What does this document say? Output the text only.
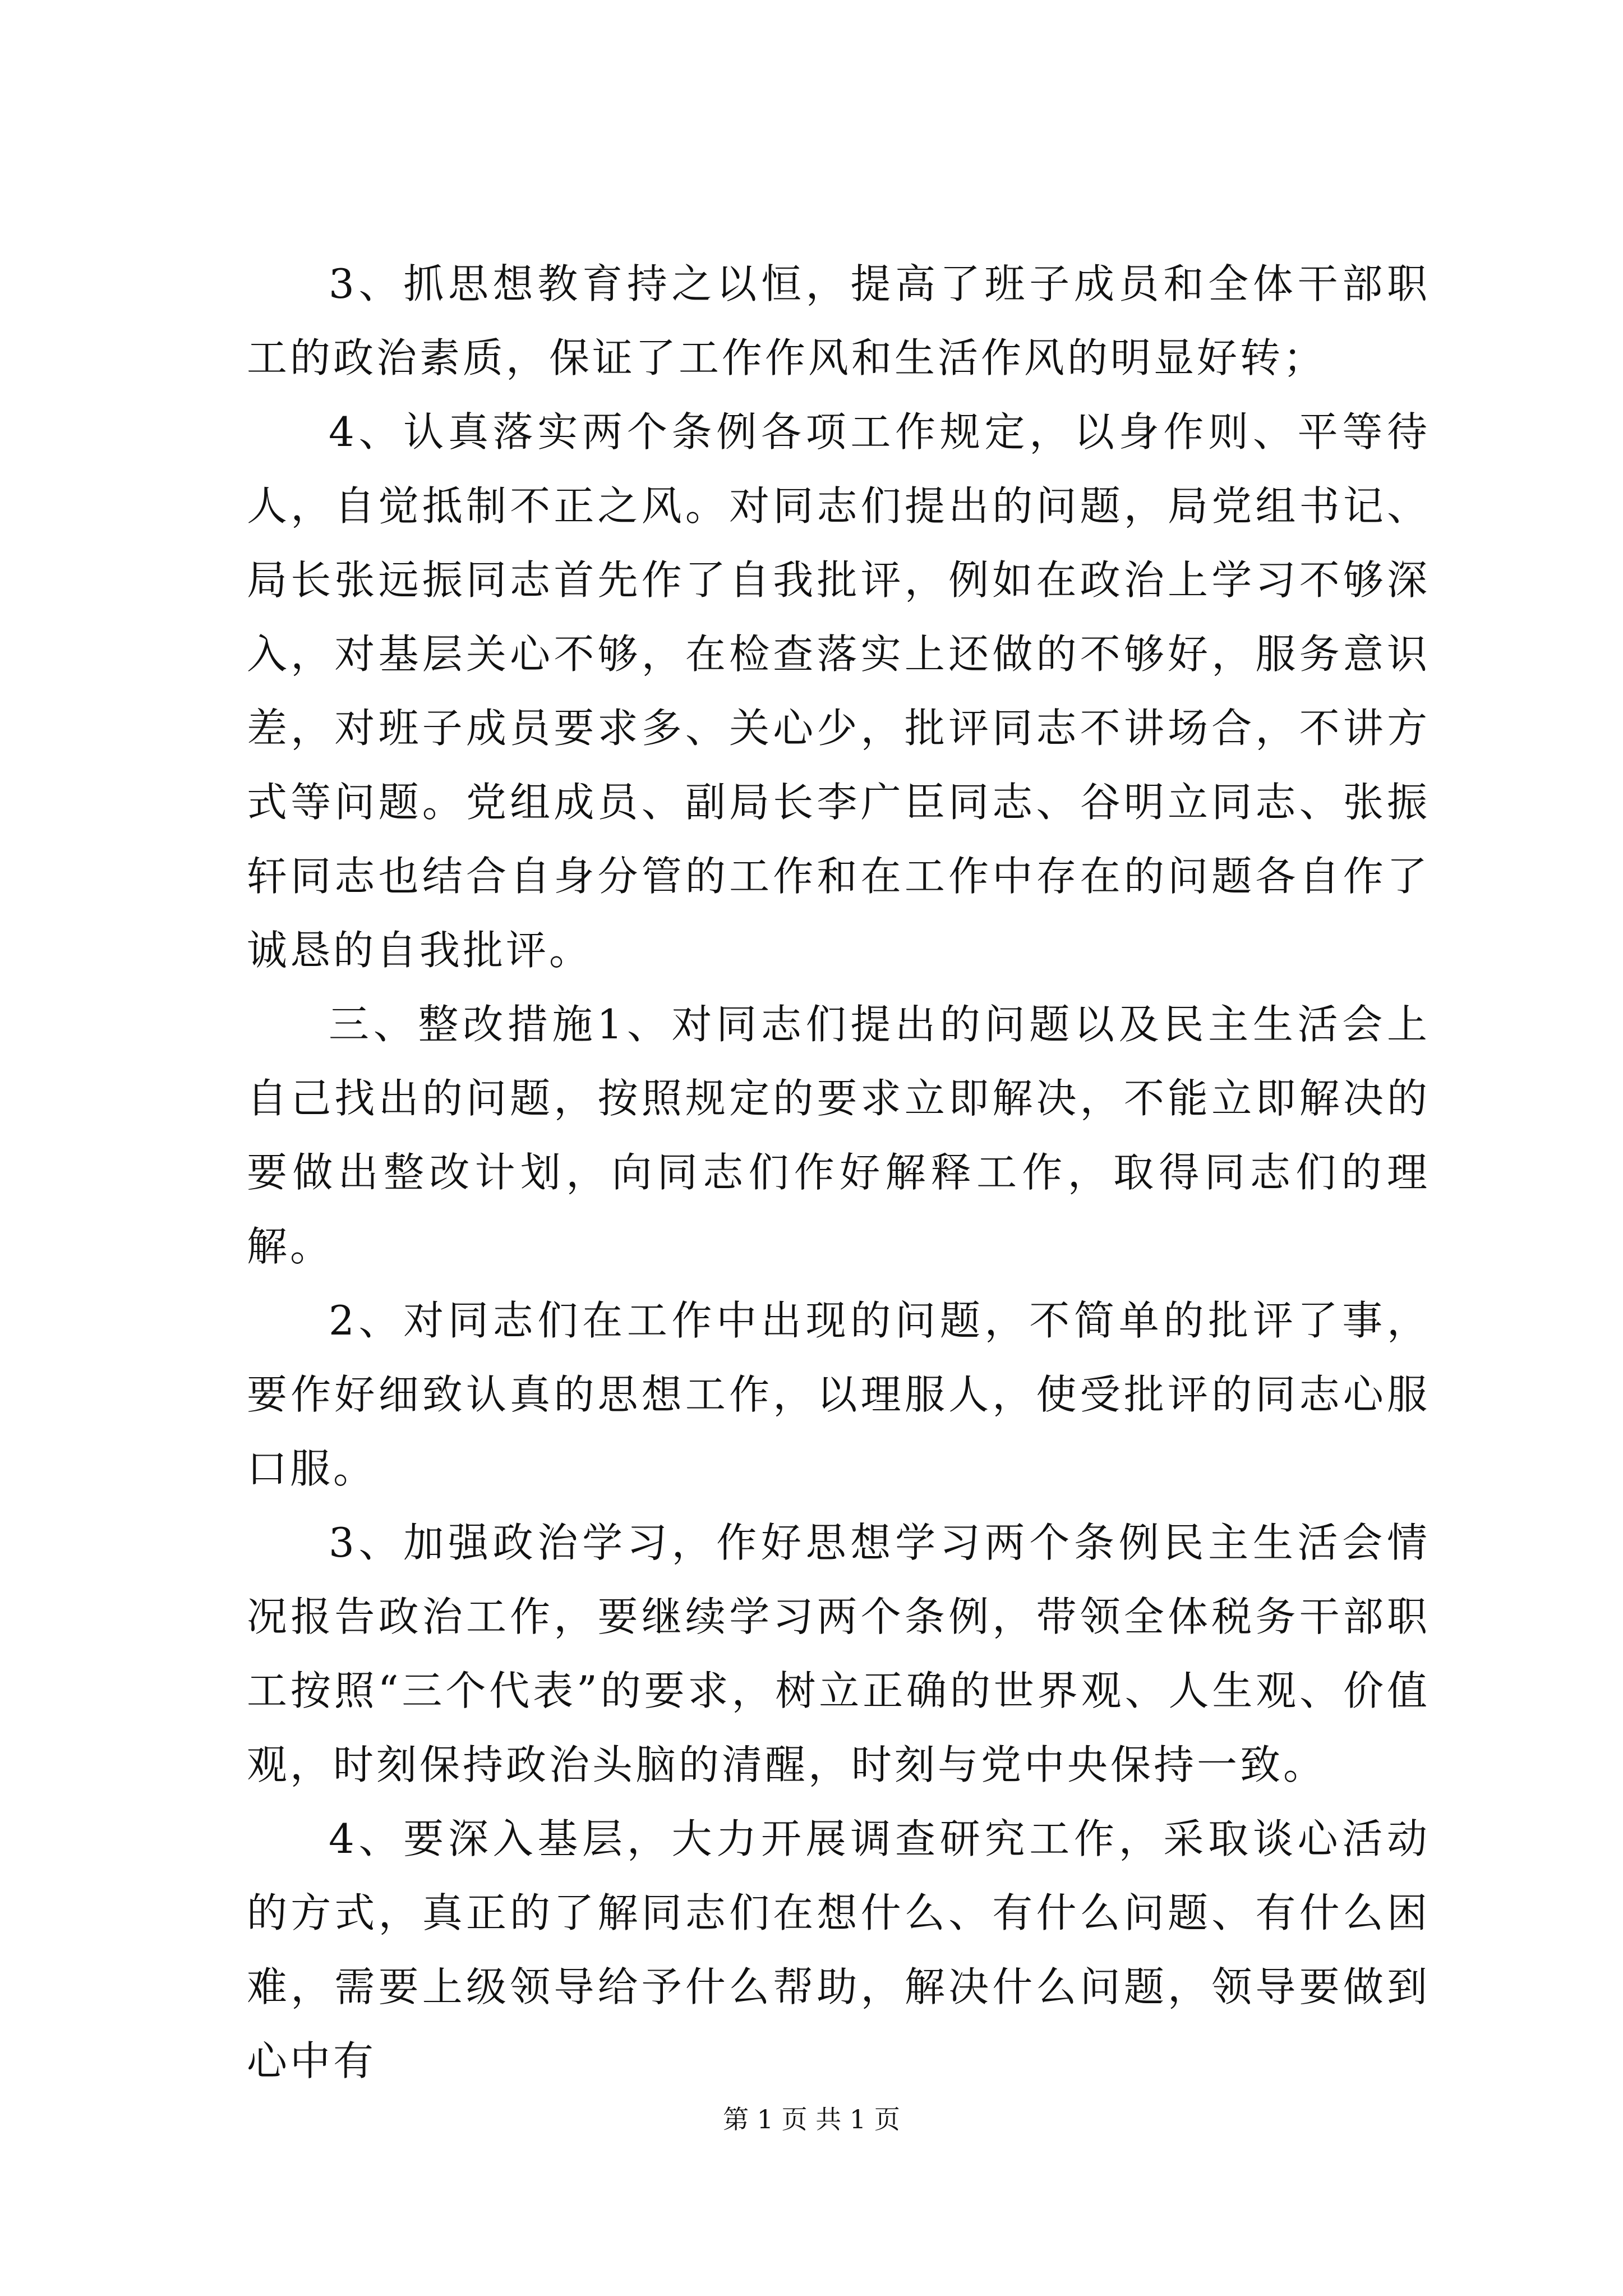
3、抓思想教育持之以恒，提高了班子成员和全体干部职工的政治素质，保证了工作作风和生活作风的明显好转；

4、认真落实两个条例各项工作规定，以身作则、平等待人，自觉抵制不正之风。对同志们提出的问题，局党组书记、局长张远振同志首先作了自我批评，例如在政治上学习不够深入，对基层关心不够，在检查落实上还做的不够好，服务意识差，对班子成员要求多、关心少，批评同志不讲场合，不讲方式等问题。党组成员、副局长李广臣同志、谷明立同志、张振轩同志也结合自身分管的工作和在工作中存在的问题各自作了诚恳的自我批评。

三、整改措施1、对同志们提出的问题以及民主生活会上自己找出的问题，按照规定的要求立即解决，不能立即解决的要做出整改计划，向同志们作好解释工作，取得同志们的理解。

2、对同志们在工作中出现的问题，不简单的批评了事，要作好细致认真的思想工作，以理服人，使受批评的同志心服口服。

3、加强政治学习，作好思想学习两个条例民主生活会情况报告政治工作，要继续学习两个条例，带领全体税务干部职工按照“三个代表”的要求，树立正确的世界观、人生观、价值观，时刻保持政治头脑的清醒，时刻与党中央保持一致。

4、要深入基层，大力开展调查研究工作，采取谈心活动的方式，真正的了解同志们在想什么、有什么问题、有什么困难，需要上级领导给予什么帮助，解决什么问题，领导要做到心中有

第 1 页 共 1 页
